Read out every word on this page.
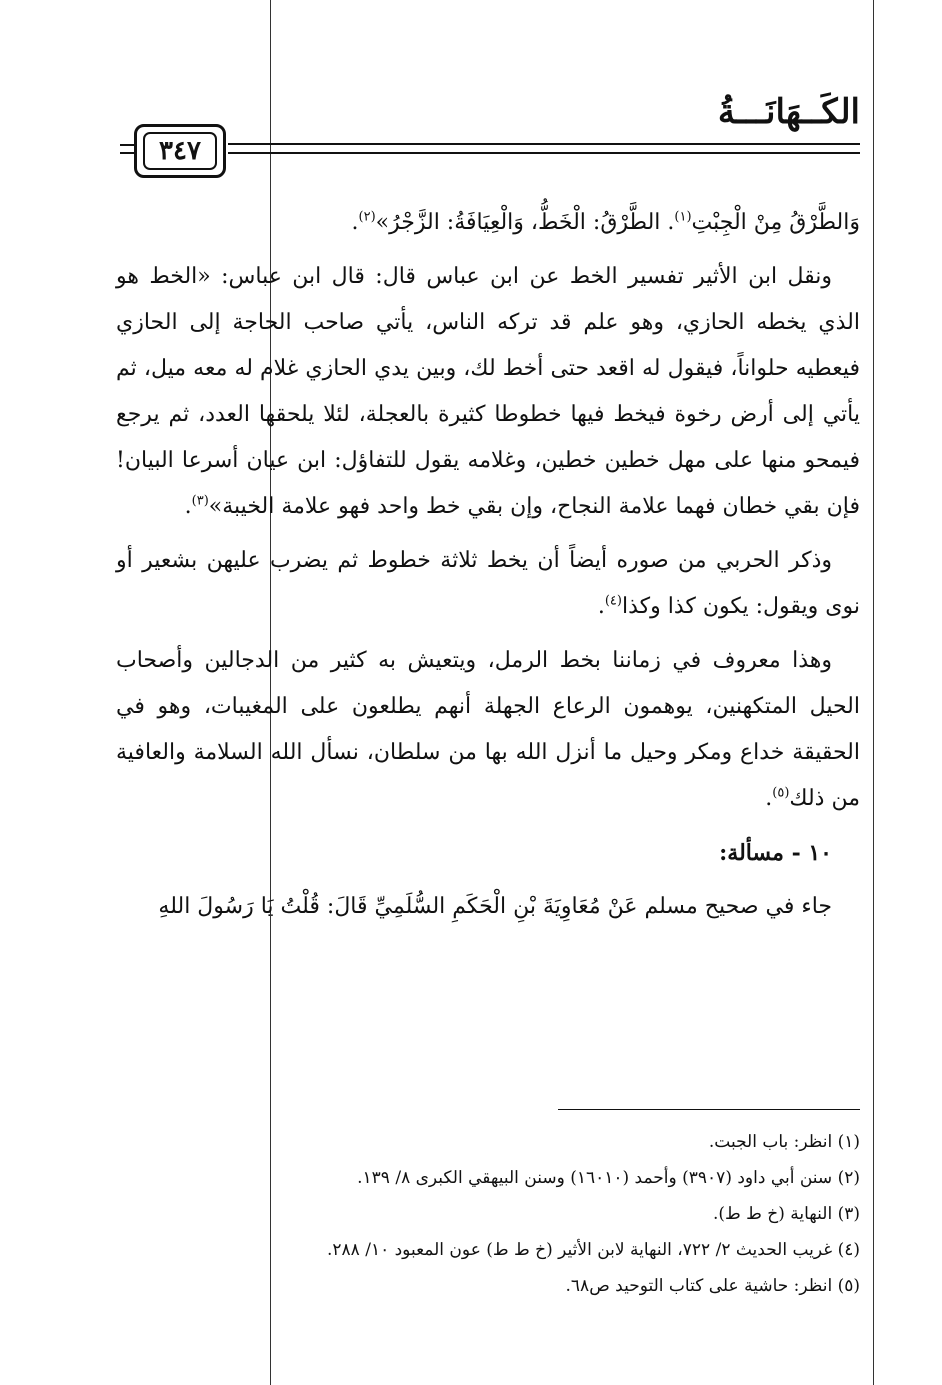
الكَــهَانَـــةُ
٣٤٧

وَالطَّرْقُ مِنْ الْجِبْتِ$^{(١)}$. الطَّرْقُ: الْخَطُّ، وَالْعِيَافَةُ: الزَّجْرُ»$^{(٢)}$.

ونقل ابن الأثير تفسير الخط عن ابن عباس قال: قال ابن عباس: «الخط هو الذي يخطه الحازي، وهو علم قد تركه الناس، يأتي صاحب الحاجة إلى الحازي فيعطيه حلواناً، فيقول له اقعد حتى أخط لك، وبين يدي الحازي غلام له معه ميل، ثم يأتي إلى أرض رخوة فيخط فيها خطوطا كثيرة بالعجلة، لئلا يلحقها العدد، ثم يرجع فيمحو منها على مهل خطين خطين، وغلامه يقول للتفاؤل: ابن عيان أسرعا البيان! فإن بقي خطان فهما علامة النجاح، وإن بقي خط واحد فهو علامة الخيبة»$^{(٣)}$.

وذكر الحربي من صوره أيضاً أن يخط ثلاثة خطوط ثم يضرب عليهن بشعير أو نوى ويقول: يكون كذا وكذا$^{(٤)}$.

وهذا معروف في زماننا بخط الرمل، ويتعيش به كثير من الدجالين وأصحاب الحيل المتكهنين، يوهمون الرعاع الجهلة أنهم يطلعون على المغيبات، وهو في الحقيقة خداع ومكر وحيل ما أنزل الله بها من سلطان، نسأل الله السلامة والعافية من ذلك$^{(٥)}$.

١٠ - مسألة:

جاء في صحيح مسلم عَنْ مُعَاوِيَةَ بْنِ الْحَكَمِ السُّلَمِيِّ قَالَ: قُلْتُ يَا رَسُولَ اللهِ

(١) انظر: باب الجبت.
(٢) سنن أبي داود (٣٩٠٧) وأحمد (١٦٠١٠) وسنن البيهقي الكبرى ٨/ ١٣٩.
(٣) النهاية (خ ط ط).
(٤) غريب الحديث ٢/ ٧٢٢، النهاية لابن الأثير (خ ط ط) عون المعبود ١٠/ ٢٨٨.
(٥) انظر: حاشية على كتاب التوحيد ص٦٨.
